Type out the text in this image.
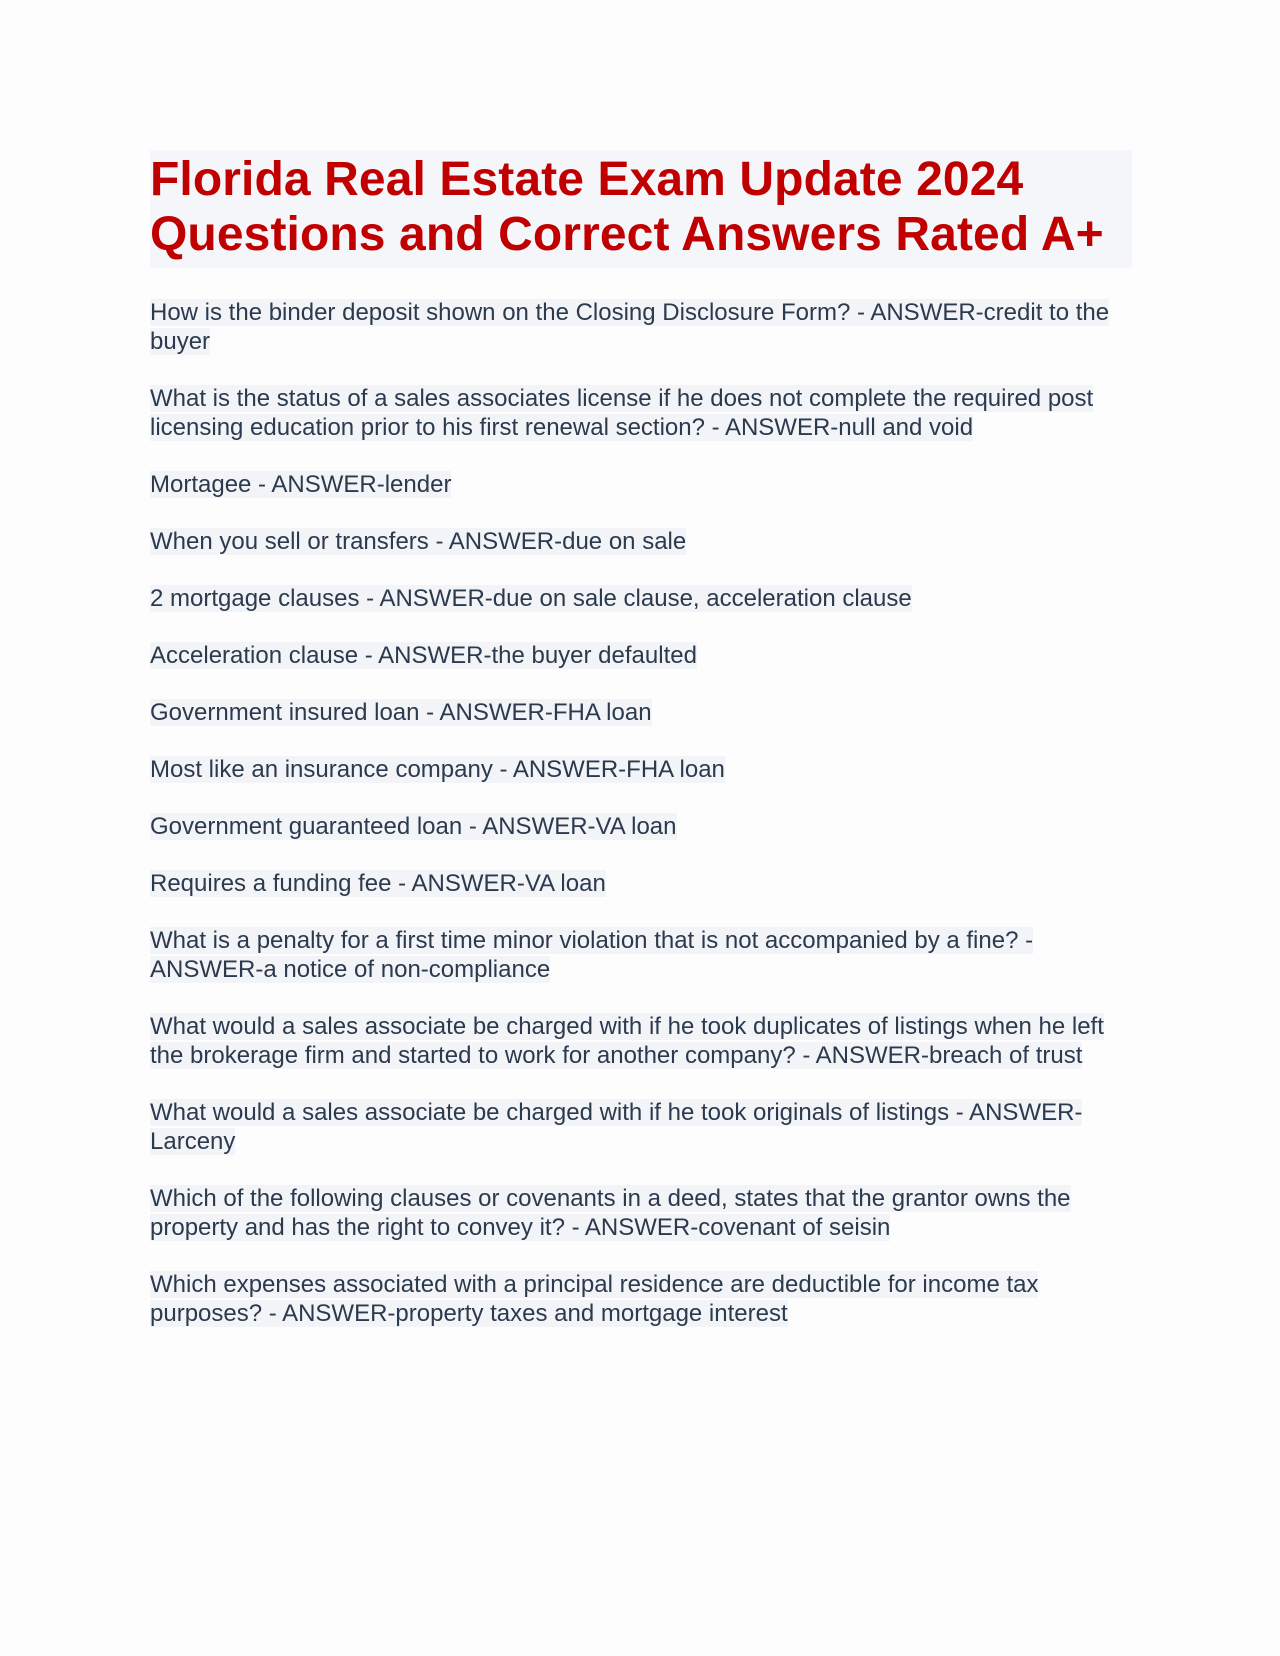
Florida Real Estate Exam Update 2024 Questions and Correct Answers Rated A+
How is the binder deposit shown on the Closing Disclosure Form? - ANSWER-credit to the buyer
What is the status of a sales associates license if he does not complete the required post licensing education prior to his first renewal section? - ANSWER-null and void
Mortagee - ANSWER-lender
When you sell or transfers - ANSWER-due on sale
2 mortgage clauses - ANSWER-due on sale clause, acceleration clause
Acceleration clause - ANSWER-the buyer defaulted
Government insured loan - ANSWER-FHA loan
Most like an insurance company - ANSWER-FHA loan
Government guaranteed loan - ANSWER-VA loan
Requires a funding fee - ANSWER-VA loan
What is a penalty for a first time minor violation that is not accompanied by a fine? - ANSWER-a notice of non-compliance
What would a sales associate be charged with if he took duplicates of listings when he left the brokerage firm and started to work for another company? - ANSWER-breach of trust
What would a sales associate be charged with if he took originals of listings - ANSWER-Larceny
Which of the following clauses or covenants in a deed, states that the grantor owns the property and has the right to convey it? - ANSWER-covenant of seisin
Which expenses associated with a principal residence are deductible for income tax purposes? - ANSWER-property taxes and mortgage interest
